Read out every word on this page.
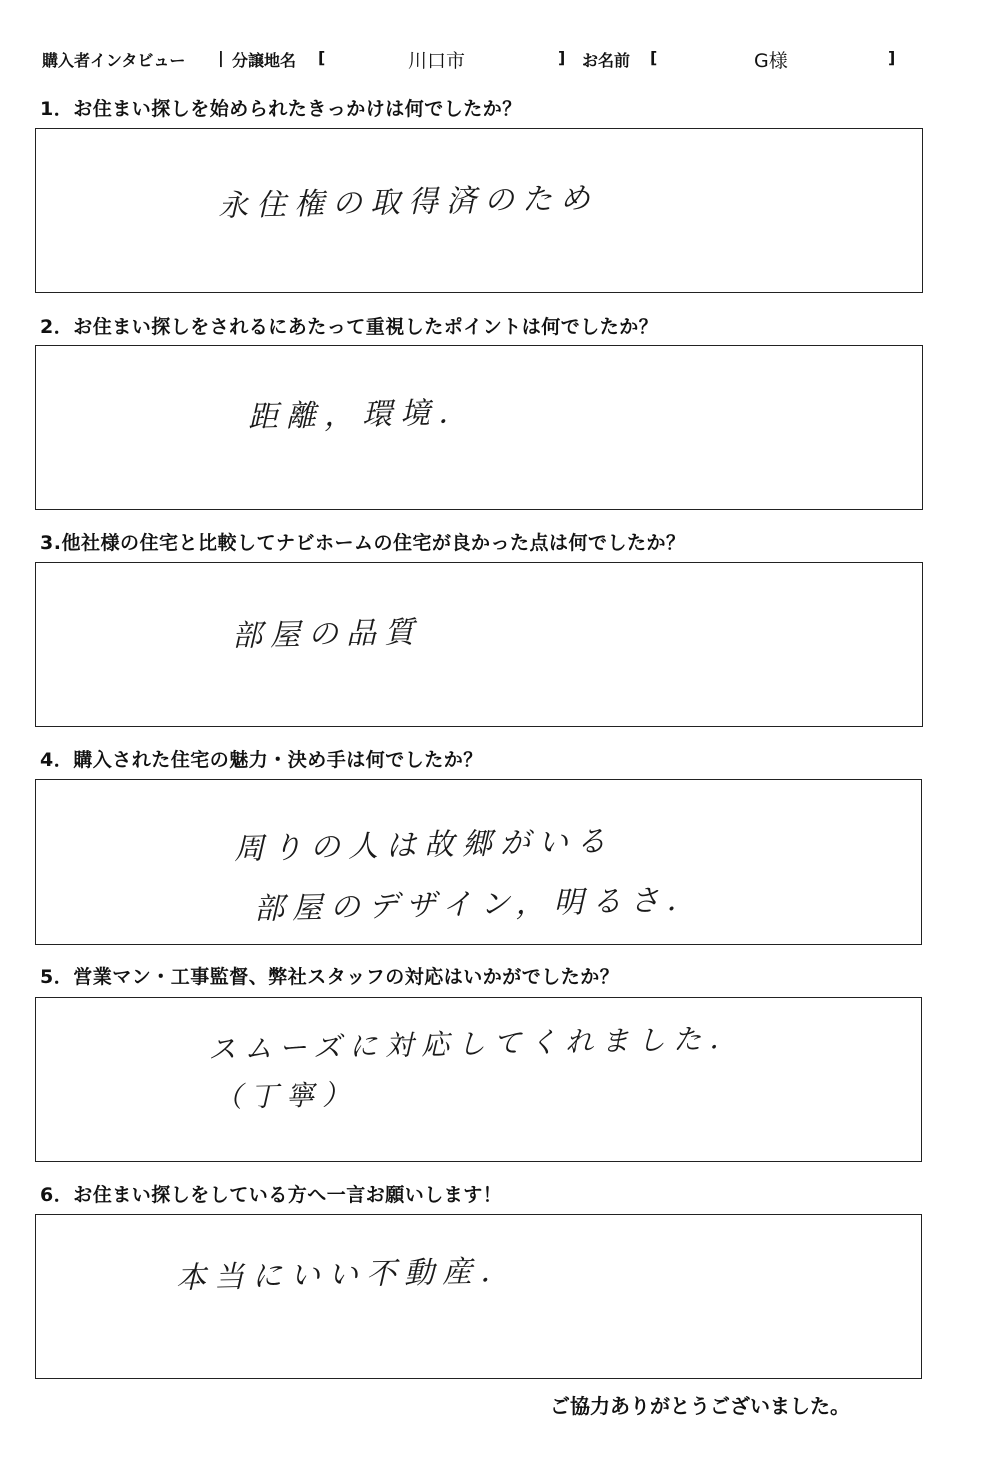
購入者インタビュー | 分譲地名 [	川口市	] お名前 [	G様	]
1．お住まい探しを始められたきっかけは何でしたか？
永住権の取得済のため
2．お住まい探しをされるにあたって重視したポイントは何でしたか？
距離，環境．
3.他社様の住宅と比較してナビホームの住宅が良かった点は何でしたか？
部屋の品質
4．購入された住宅の魅力・決め手は何でしたか？
周りの人は故郷がいる
部屋のデザイン，明るさ．
5．営業マン・工事監督、弊社スタッフの対応はいかがでしたか？
スムーズに対応してくれました．
（丁寧）
6．お住まい探しをしている方へ一言お願いします！
本当にいい不動産．
ご協力ありがとうございました。
